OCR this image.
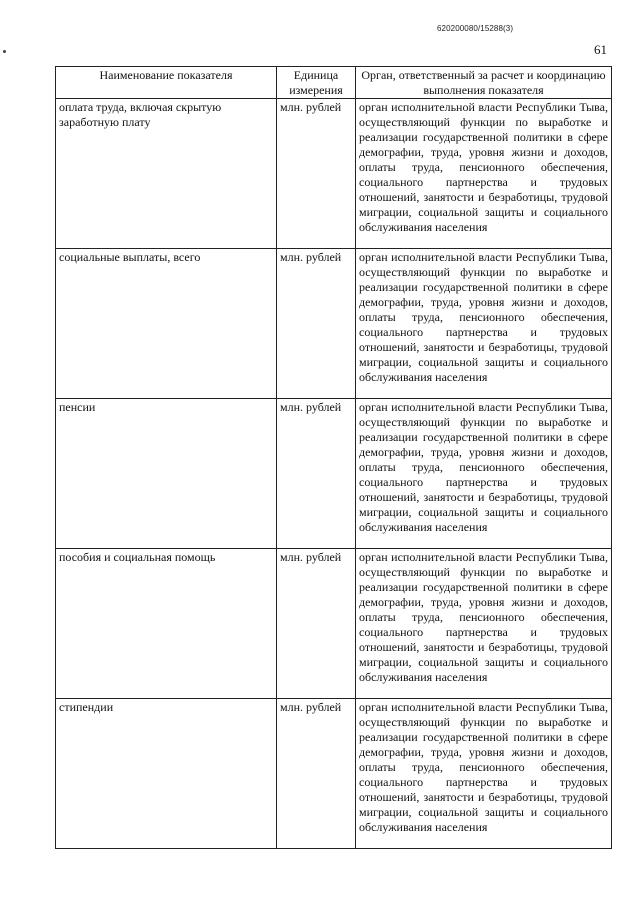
620200080/15288(3)
61
Наименование показателя	Единица измерения	Орган, ответственный за расчет и координацию выполнения показателя
оплата труда, включая скрытую заработную плату	млн. рублей	орган исполнительной власти Республики Тыва, осуществляющий функции по выработке и реализации государственной политики в сфере демографии, труда, уровня жизни и доходов, оплаты труда, пенсионного обеспечения, социального партнерства и трудовых отношений, занятости и безработицы, трудовой миграции, социальной защиты и социального обслуживания населения
социальные выплаты, всего	млн. рублей	орган исполнительной власти Республики Тыва, осуществляющий функции по выработке и реализации государственной политики в сфере демографии, труда, уровня жизни и доходов, оплаты труда, пенсионного обеспечения, социального партнерства и трудовых отношений, занятости и безработицы, трудовой миграции, социальной защиты и социального обслуживания населения
пенсии	млн. рублей	орган исполнительной власти Республики Тыва, осуществляющий функции по выработке и реализации государственной политики в сфере демографии, труда, уровня жизни и доходов, оплаты труда, пенсионного обеспечения, социального партнерства и трудовых отношений, занятости и безработицы, трудовой миграции, социальной защиты и социального обслуживания населения
пособия и социальная помощь	млн. рублей	орган исполнительной власти Республики Тыва, осуществляющий функции по выработке и реализации государственной политики в сфере демографии, труда, уровня жизни и доходов, оплаты труда, пенсионного обеспечения, социального партнерства и трудовых отношений, занятости и безработицы, трудовой миграции, социальной защиты и социального обслуживания населения
стипендии	млн. рублей	орган исполнительной власти Республики Тыва, осуществляющий функции по выработке и реализации государственной политики в сфере демографии, труда, уровня жизни и доходов, оплаты труда, пенсионного обеспечения, социального партнерства и трудовых отношений, занятости и безработицы, трудовой миграции, социальной защиты и социального обслуживания населения
